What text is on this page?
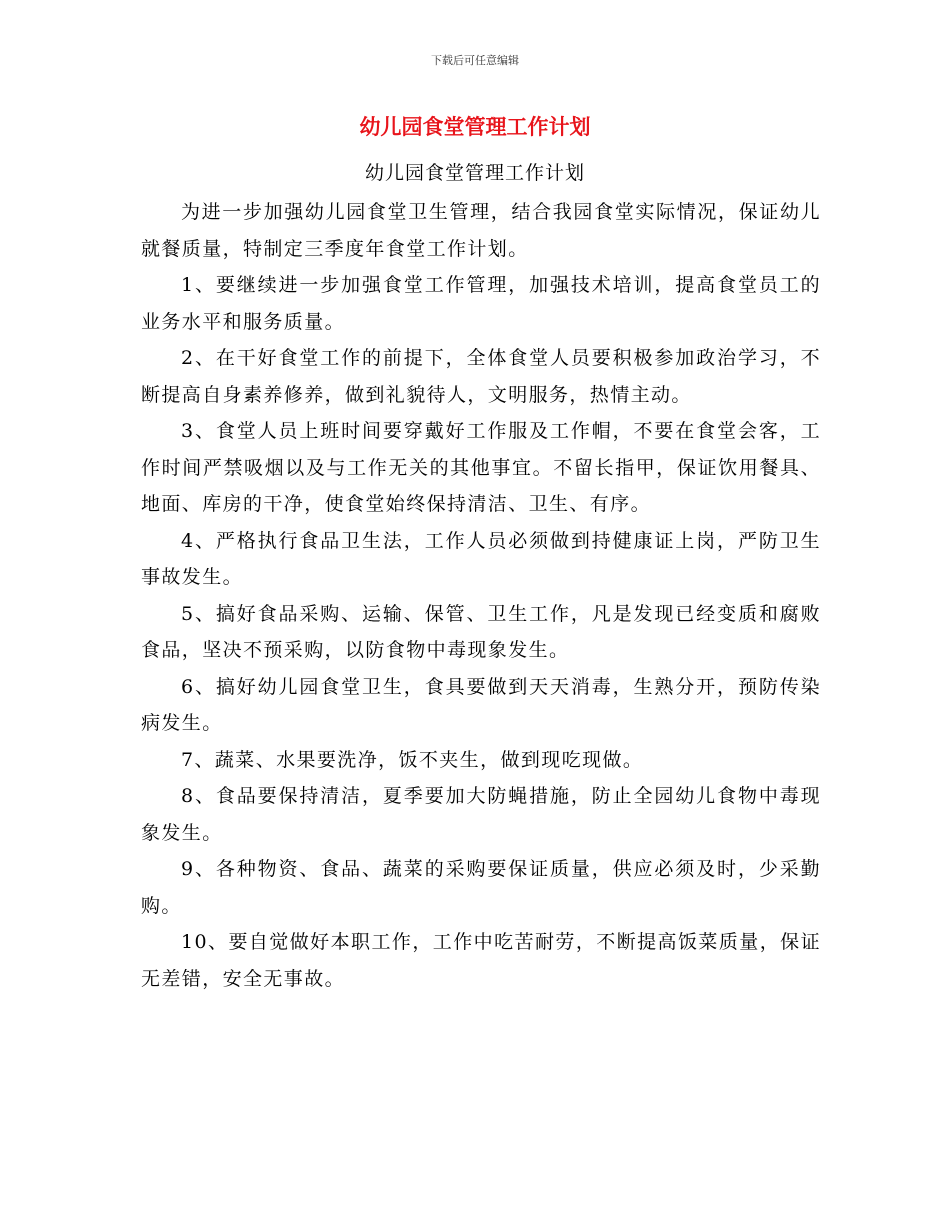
下载后可任意编辑
幼儿园食堂管理工作计划
幼儿园食堂管理工作计划

为进一步加强幼儿园食堂卫生管理，结合我园食堂实际情况，保证幼儿就餐质量，特制定三季度年食堂工作计划。

1、要继续进一步加强食堂工作管理，加强技术培训，提高食堂员工的业务水平和服务质量。

2、在干好食堂工作的前提下，全体食堂人员要积极参加政治学习，不断提高自身素养修养，做到礼貌待人，文明服务，热情主动。

3、食堂人员上班时间要穿戴好工作服及工作帽，不要在食堂会客，工作时间严禁吸烟以及与工作无关的其他事宜。不留长指甲，保证饮用餐具、地面、库房的干净，使食堂始终保持清洁、卫生、有序。

4、严格执行食品卫生法，工作人员必须做到持健康证上岗，严防卫生事故发生。

5、搞好食品采购、运输、保管、卫生工作，凡是发现已经变质和腐败食品，坚决不预采购，以防食物中毒现象发生。

6、搞好幼儿园食堂卫生，食具要做到天天消毒，生熟分开，预防传染病发生。

7、蔬菜、水果要洗净，饭不夹生，做到现吃现做。

8、食品要保持清洁，夏季要加大防蝇措施，防止全园幼儿食物中毒现象发生。

9、各种物资、食品、蔬菜的采购要保证质量，供应必须及时，少采勤购。

10、要自觉做好本职工作，工作中吃苦耐劳，不断提高饭菜质量，保证无差错，安全无事故。
